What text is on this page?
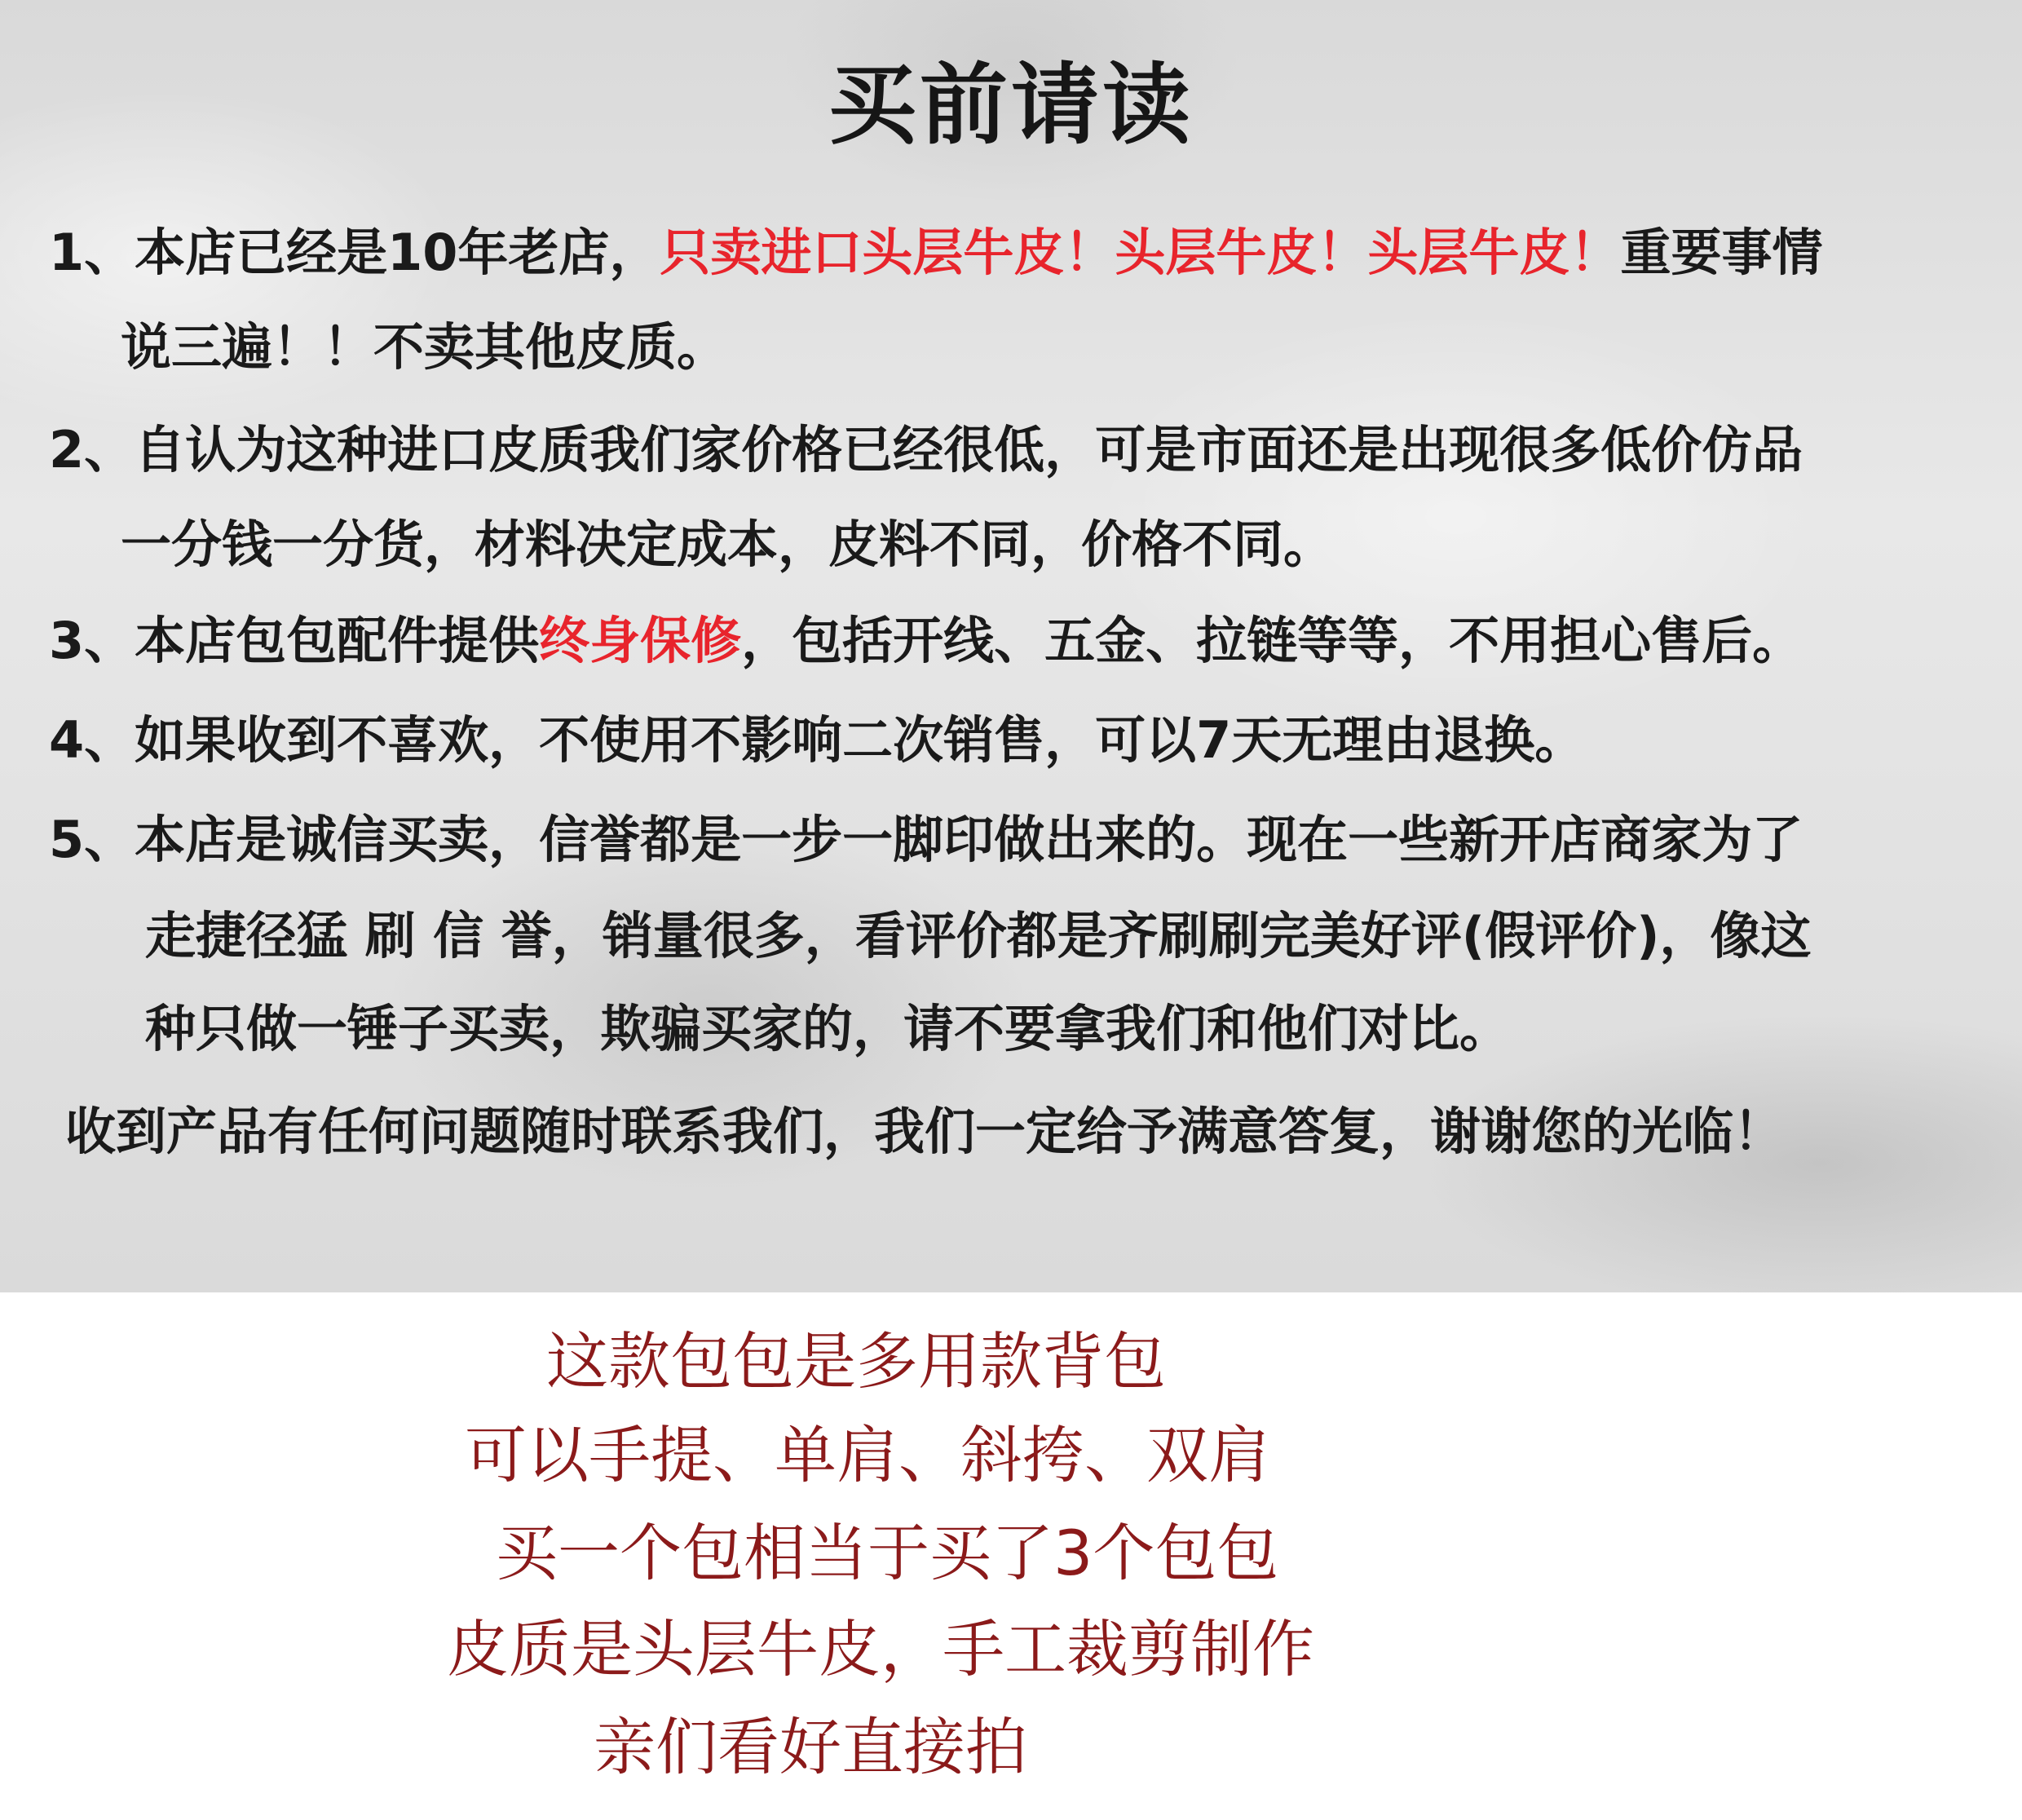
买前请读
1、本店已经是10年老店，只卖进口头层牛皮！头层牛皮！头层牛皮！重要事情
说三遍！！不卖其他皮质。
2、自认为这种进口皮质我们家价格已经很低，可是市面还是出现很多低价仿品
一分钱一分货，材料决定成本，皮料不同，价格不同。
3、本店包包配件提供终身保修，包括开线、五金、拉链等等，不用担心售后。
4、如果收到不喜欢，不使用不影响二次销售，可以7天无理由退换。
5、本店是诚信买卖，信誉都是一步一脚印做出来的。现在一些新开店商家为了
走捷径猛 刷 信 誉，销量很多，看评价都是齐刷刷完美好评(假评价)，像这
种只做一锤子买卖，欺骗买家的，请不要拿我们和他们对比。
收到产品有任何问题随时联系我们，我们一定给予满意答复，谢谢您的光临！
这款包包是多用款背包
可以手提、单肩、斜挎、双肩
买一个包相当于买了3个包包
皮质是头层牛皮，手工裁剪制作
亲们看好直接拍
